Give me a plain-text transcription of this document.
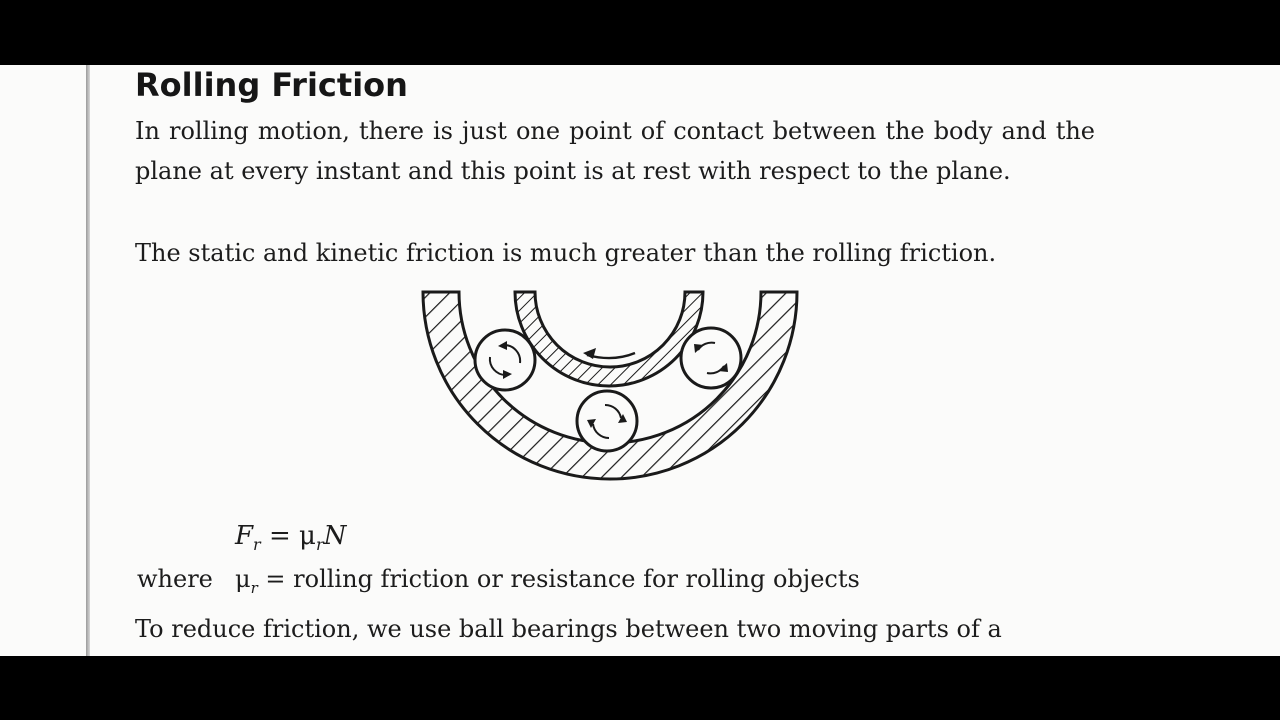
Rolling Friction

In rolling motion, there is just one point of contact between the body and the plane at every instant and this point is at rest with respect to the plane.

The static and kinetic friction is much greater than the rolling friction.

$F_r = \mu_rN$
where $\mu_r$ = rolling friction or resistance for rolling objects

To reduce friction, we use ball bearings between two moving parts of a
